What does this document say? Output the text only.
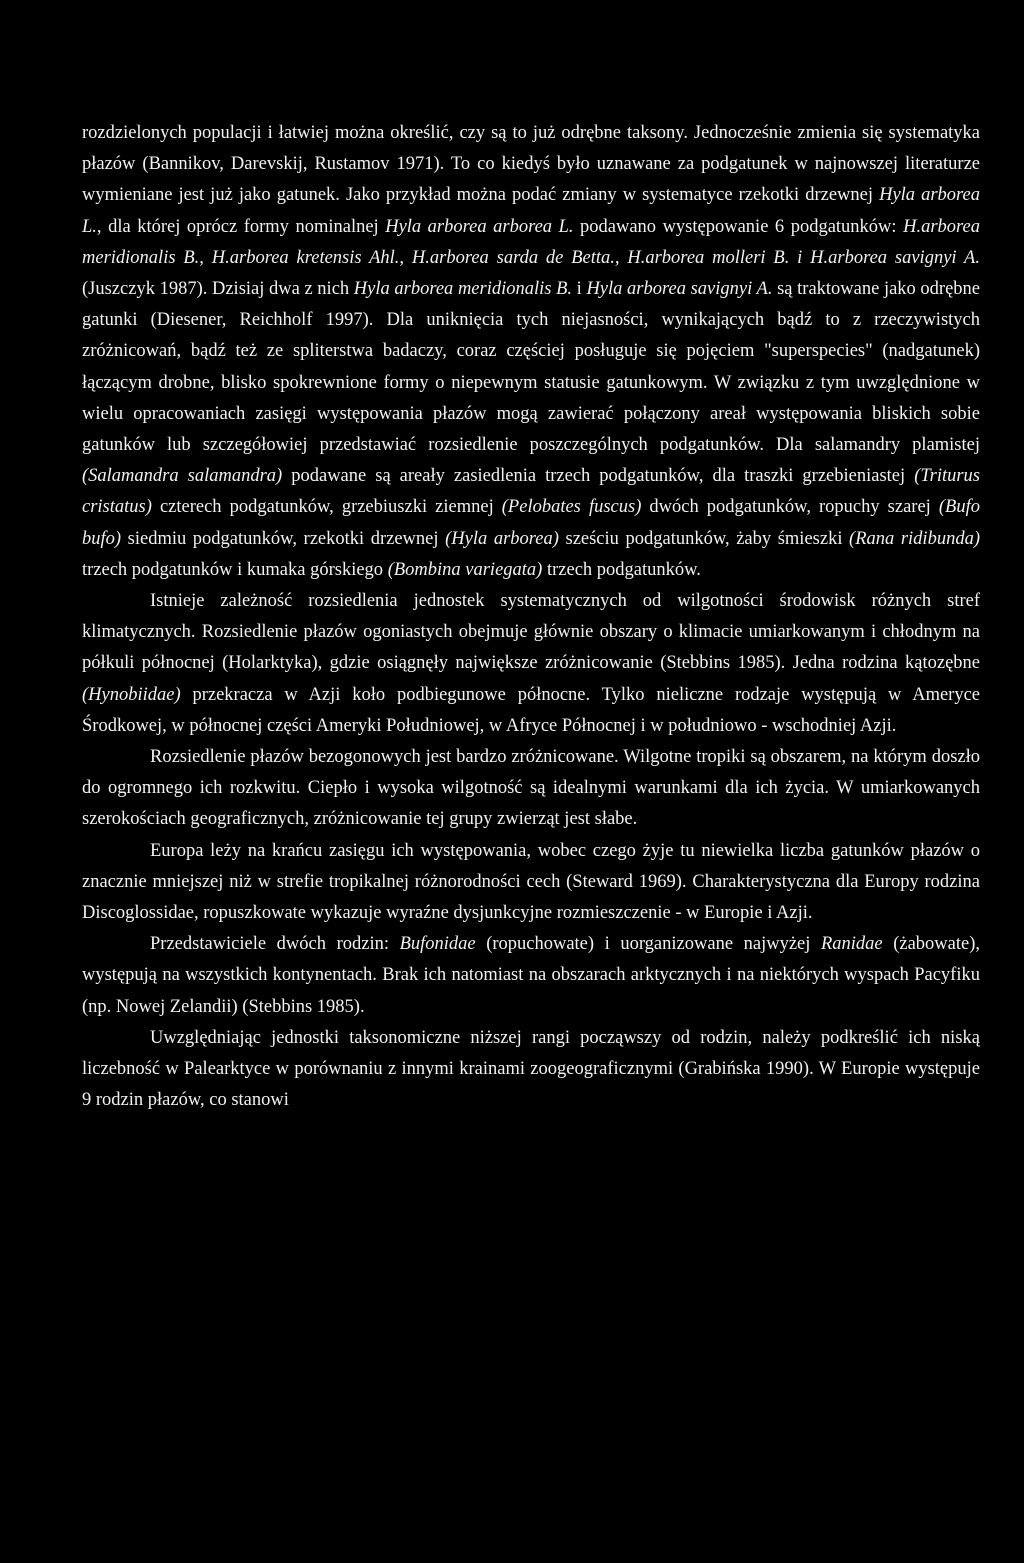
rozdzielonych populacji i łatwiej można określić, czy są to już odrębne taksony. Jednocześnie zmienia się systematyka płazów (Bannikov, Darevskij, Rustamov 1971). To co kiedyś było uznawane za podgatunek w najnowszej literaturze wymieniane jest już jako gatunek. Jako przykład można podać zmiany w systematyce rzekotki drzewnej Hyla arborea L., dla której oprócz formy nominalnej Hyla arborea arborea L. podawano występowanie 6 podgatunków: H.arborea meridionalis B., H.arborea kretensis Ahl., H.arborea sarda de Betta., H.arborea molleri B. i H.arborea savignyi A. (Juszczyk 1987). Dzisiaj dwa z nich Hyla arborea meridionalis B. i Hyla arborea savignyi A. są traktowane jako odrębne gatunki (Diesener, Reichholf 1997). Dla uniknięcia tych niejasności, wynikających bądź to z rzeczywistych zróżnicowań, bądź też ze spliterstwa badaczy, coraz częściej posługuje się pojęciem "superspecies" (nadgatunek) łączącym drobne, blisko spokrewnione formy o niepewnym statusie gatunkowym. W związku z tym uwzględnione w wielu opracowaniach zasięgi występowania płazów mogą zawierać połączony areał występowania bliskich sobie gatunków lub szczegółowiej przedstawiać rozsiedlenie poszczególnych podgatunków. Dla salamandry plamistej (Salamandra salamandra) podawane są areały zasiedlenia trzech podgatunków, dla traszki grzebieniastej (Triturus cristatus) czterech podgatunków, grzebiuszki ziemnej (Pelobates fuscus) dwóch podgatunków, ropuchy szarej (Bufo bufo) siedmiu podgatunków, rzekotki drzewnej (Hyla arborea) sześciu podgatunków, żaby śmieszki (Rana ridibunda) trzech podgatunków i kumaka górskiego (Bombina variegata) trzech podgatunków.

Istnieje zależność rozsiedlenia jednostek systematycznych od wilgotności środowisk różnych stref klimatycznych. Rozsiedlenie płazów ogoniastych obejmuje głównie obszary o klimacie umiarkowanym i chłodnym na półkuli północnej (Holarktyka), gdzie osiągnęły największe zróżnicowanie (Stebbins 1985). Jedna rodzina kątozębne (Hynobiidae) przekracza w Azji koło podbiegunowe północne. Tylko nieliczne rodzaje występują w Ameryce Środkowej, w północnej części Ameryki Południowej, w Afryce Północnej i w południowo - wschodniej Azji.

Rozsiedlenie płazów bezogonowych jest bardzo zróżnicowane. Wilgotne tropiki są obszarem, na którym doszło do ogromnego ich rozkwitu. Ciepło i wysoka wilgotność są idealnymi warunkami dla ich życia. W umiarkowanych szerokościach geograficznych, zróżnicowanie tej grupy zwierząt jest słabe.

Europa leży na krańcu zasięgu ich występowania, wobec czego żyje tu niewielka liczba gatunków płazów o znacznie mniejszej niż w strefie tropikalnej różnorodności cech (Steward 1969). Charakterystyczna dla Europy rodzina Discoglossidae, ropuszkowate wykazuje wyraźne dysjunkcyjne rozmieszczenie - w Europie i Azji.

Przedstawiciele dwóch rodzin: Bufonidae (ropuchowate) i uorganizowane najwyżej Ranidae (żabowate), występują na wszystkich kontynentach. Brak ich natomiast na obszarach arktycznych i na niektórych wyspach Pacyfiku (np. Nowej Zelandii) (Stebbins 1985).

Uwzględniając jednostki taksonomiczne niższej rangi począwszy od rodzin, należy podkreślić ich niską liczebność w Palearktyce w porównaniu z innymi krainami zoogeograficznymi (Grabińska 1990). W Europie występuje 9 rodzin płazów, co stanowi
